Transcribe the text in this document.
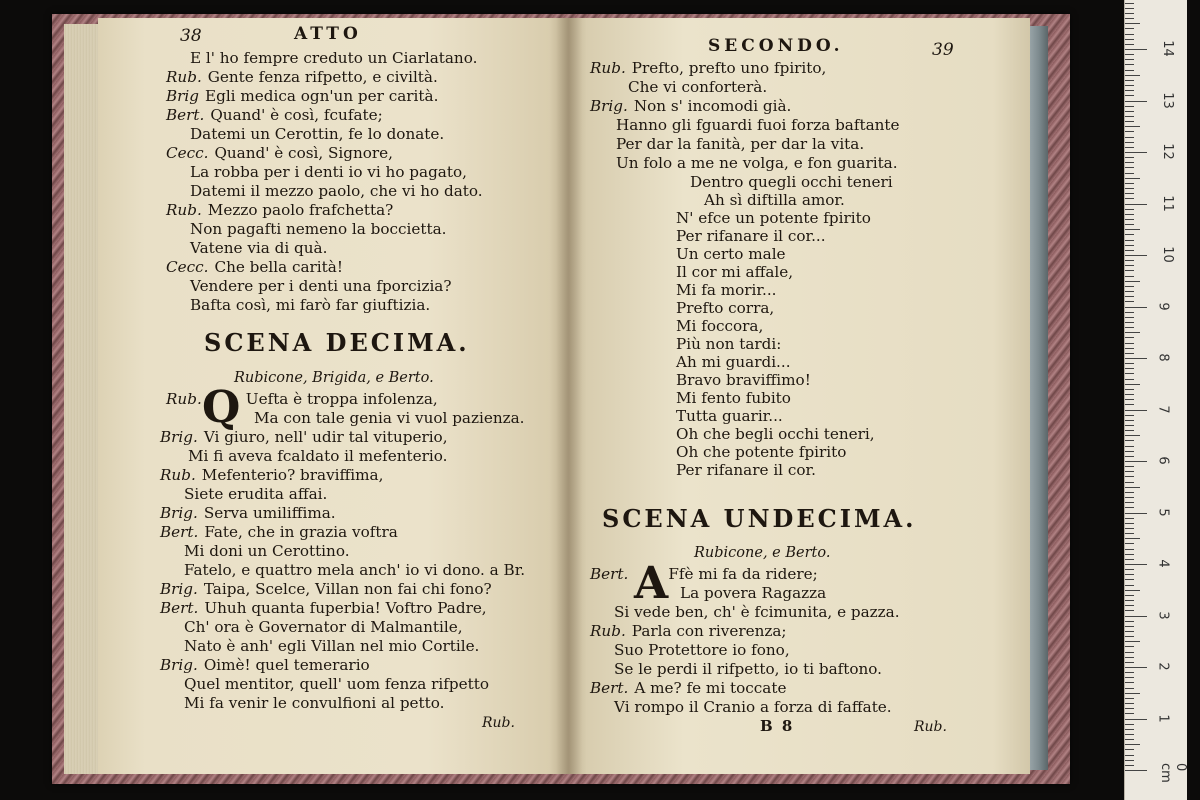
38	ATTO
E l' ho fempre creduto un Ciarlatano.
Rub. Gente fenza rifpetto, e civiltà.
Brig Egli medica ogn'un per carità.
Bert. Quand' è così, fcufate;
Datemi un Cerottin, fe lo donate.
Cecc. Quand' è così, Signore,
La robba per i denti io vi ho pagato,
Datemi il mezzo paolo, che vi ho dato.
Rub. Mezzo paolo frafchetta?
Non pagafti nemeno la boccietta.
Vatene via di quà.
Cecc. Che bella carità!
Vendere per i denti una fporcizia?
Bafta così, mi farò far giuftizia.
SCENA DECIMA.
Rubicone, Brigida, e Berto.
Q
Rub.	Uefta è troppa infolenza,
Ma con tale genia vi vuol pazienza.
Brig. Vi giuro, nell' udir tal vituperio,
Mi fi aveva fcaldato il mefenterio.
Rub. Mefenterio? braviffima,
Siete erudita affai.
Brig. Serva umiliffima.
Bert. Fate, che in grazia voftra
Mi doni un Cerottino.
Fatelo, e quattro mela anch' io vi dono. a Br.
Brig. Taipa, Scelce, Villan non fai chi fono?
Bert. Uhuh quanta fuperbia! Voftro Padre,
Ch' ora è Governator di Malmantile,
Nato è anh' egli Villan nel mio Cortile.
Brig. Oimè! quel temerario
Quel mentitor, quell' uom fenza rifpetto
Mi fa venir le convulfioni al petto.
Rub.
SECONDO.	39
Rub. Prefto, prefto uno fpirito,
Che vi conforterà.
Brig. Non s' incomodi già.
Hanno gli fguardi fuoi forza baftante
Per dar la fanità, per dar la vita.
Un folo a me ne volga, e fon guarita.
Dentro quegli occhi teneri
Ah sì diftilla amor.
N' efce un potente fpirito
Per rifanare il cor...
Un certo male
Il cor mi affale,
Mi fa morir...
Prefto corra,
Mi foccora,
Più non tardi:
Ah mi guardi...
Bravo braviffimo!
Mi fento fubito
Tutta guarir...
Oh che begli occhi teneri,
Oh che potente fpirito
Per rifanare il cor.
SCENA UNDECIMA.
Rubicone, e Berto.
A
Bert.	Ffè mi fa da ridere;
La povera Ragazza
Si vede ben, ch' è fcimunita, e pazza.
Rub. Parla con riverenza;
Suo Protettore io fono,
Se le perdi il rifpetto, io ti baftono.
Bert. A me? fe mi toccate
Vi rompo il Cranio a forza di faffate.
B 8	Rub.
0 cm
1
2
3
4
5
6
7
8
9
10
11
12
13
14
